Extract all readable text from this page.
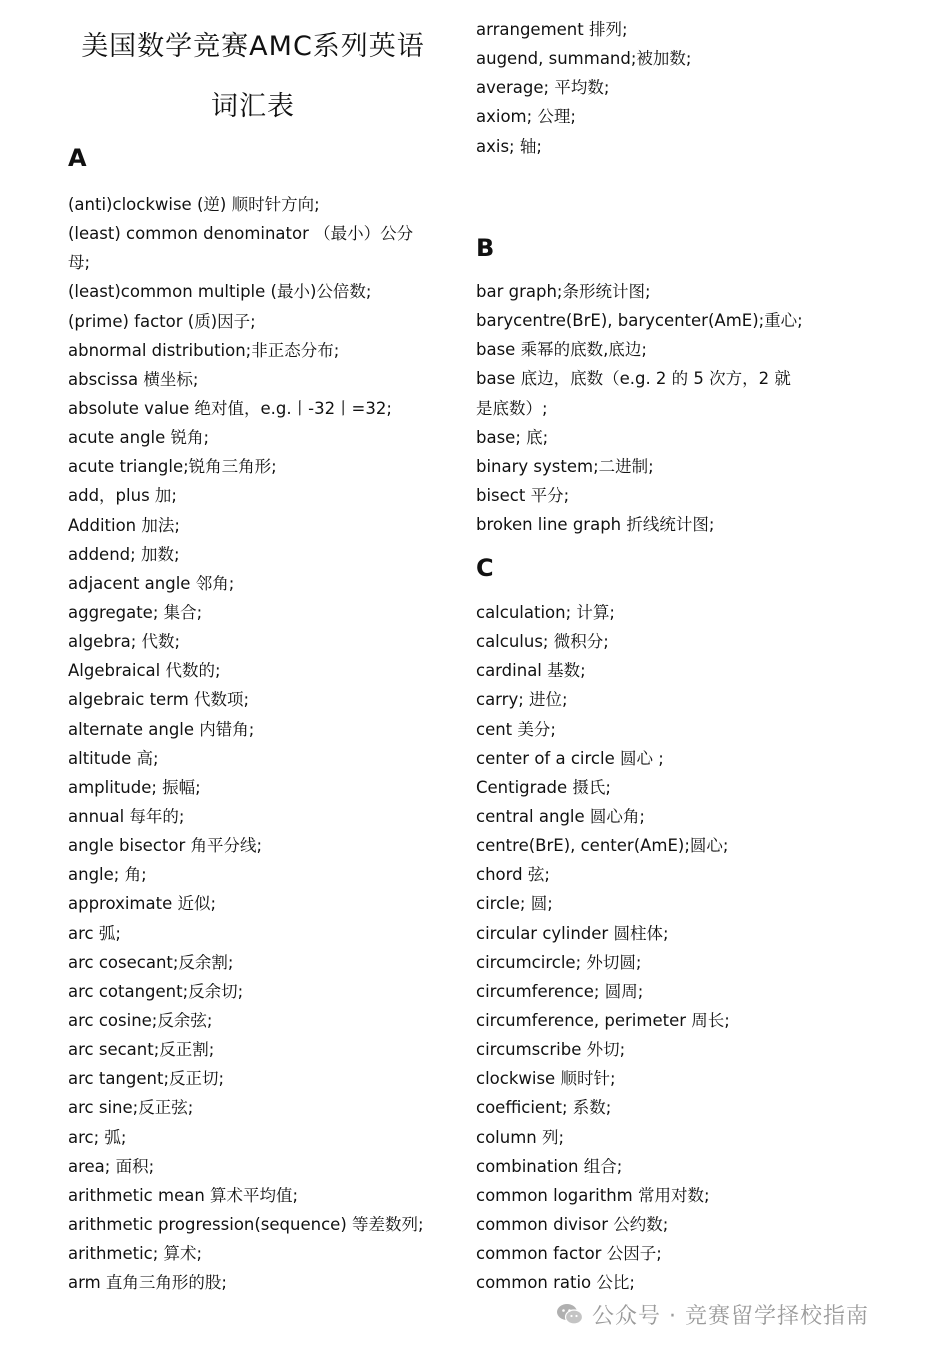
美国数学竞赛AMC系列英语
词汇表
A
(anti)clockwise (逆) 顺时针方向;
(least) common denominator （最小）公分
母;
(least)common multiple (最小)公倍数;
(prime) factor (质)因子;
abnormal distribution;非正态分布;
abscissa 横坐标;
absolute value 绝对值，e.g.丨-32丨=32;
acute angle 锐角;
acute triangle;锐角三角形;
add，plus 加;
Addition 加法;
addend; 加数;
adjacent angle 邻角;
aggregate; 集合;
algebra; 代数;
Algebraical 代数的;
algebraic term 代数项;
alternate angle 内错角;
altitude 高;
amplitude; 振幅;
annual 每年的;
angle bisector 角平分线;
angle; 角;
approximate 近似;
arc 弧;
arc cosecant;反余割;
arc cotangent;反余切;
arc cosine;反余弦;
arc secant;反正割;
arc tangent;反正切;
arc sine;反正弦;
arc; 弧;
area; 面积;
arithmetic mean 算术平均值;
arithmetic progression(sequence) 等差数列;
arithmetic; 算术;
arm 直角三角形的股;
arrangement 排列;
augend, summand;被加数;
average; 平均数;
axiom; 公理;
axis; 轴;
B
bar graph;条形统计图;
barycentre(BrE), barycenter(AmE);重心;
base 乘幂的底数,底边;
base 底边，底数（e.g. 2 的 5 次方，2 就
是底数）;
base; 底;
binary system;二进制;
bisect 平分;
broken line graph 折线统计图;
C
calculation; 计算;
calculus; 微积分;
cardinal 基数;
carry; 进位;
cent 美分;
center of a circle 圆心 ;
Centigrade 摄氏;
central angle 圆心角;
centre(BrE), center(AmE);圆心;
chord 弦;
circle; 圆;
circular cylinder 圆柱体;
circumcircle; 外切圆;
circumference; 圆周;
circumference, perimeter 周长;
circumscribe 外切;
clockwise 顺时针;
coefficient; 系数;
column 列;
combination 组合;
common logarithm 常用对数;
common divisor 公约数;
common factor 公因子;
common ratio 公比;
公众号 · 竞赛留学择校指南
